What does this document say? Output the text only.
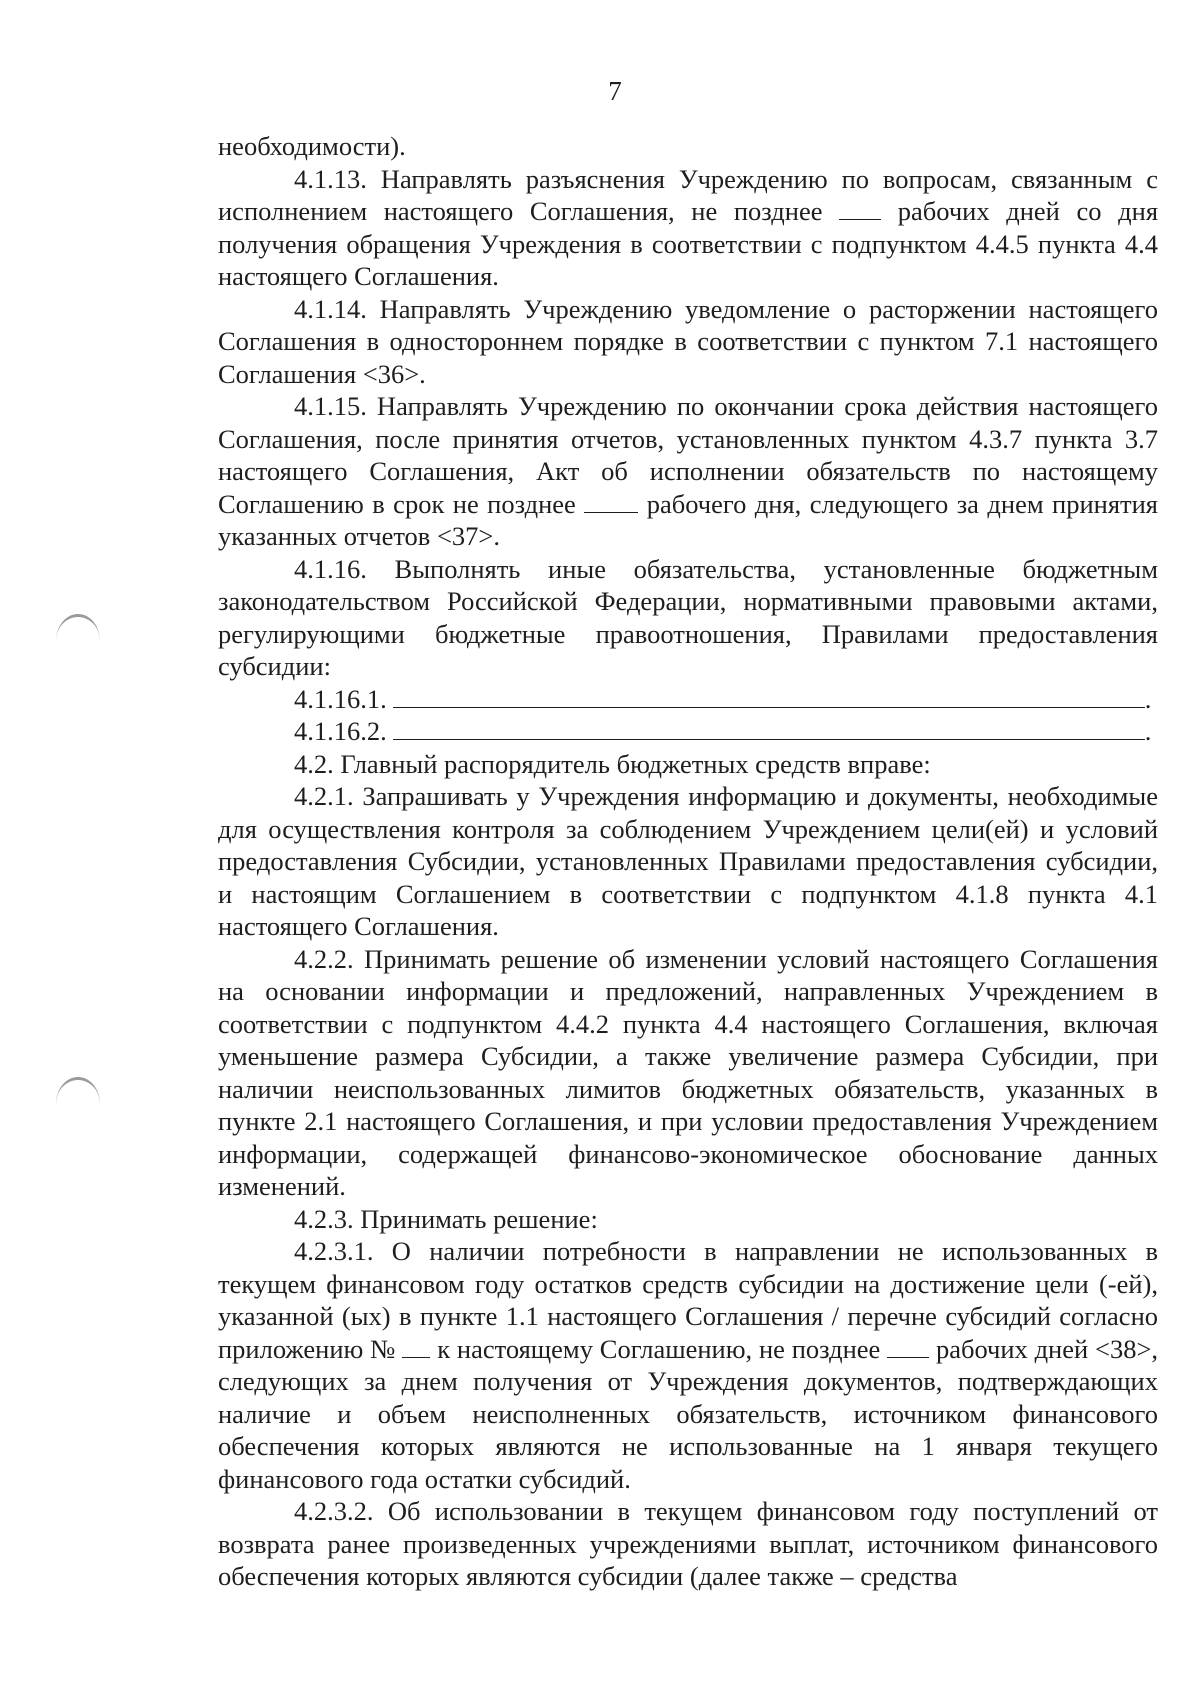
7

необходимости).

4.1.13. Направлять разъяснения Учреждению по вопросам, связанным с исполнением настоящего Соглашения, не позднее  рабочих дней со дня получения обращения Учреждения в соответствии с подпунктом 4.4.5 пункта 4.4 настоящего Соглашения.

4.1.14. Направлять Учреждению уведомление о расторжении настоящего Соглашения в одностороннем порядке в соответствии с пунктом 7.1 настоящего Соглашения <36>.

4.1.15. Направлять Учреждению по окончании срока действия настоящего Соглашения, после принятия отчетов, установленных пунктом 4.3.7 пункта 3.7 настоящего Соглашения, Акт об исполнении обязательств по настоящему Соглашению в срок не позднее  рабочего дня, следующего за днем принятия указанных отчетов <37>.

4.1.16. Выполнять иные обязательства, установленные бюджетным законодательством Российской Федерации, нормативными правовыми актами, регулирующими бюджетные правоотношения, Правилами предоставления субсидии:

4.1.16.1.	.

4.1.16.2.	.

4.2. Главный распорядитель бюджетных средств вправе:

4.2.1. Запрашивать у Учреждения информацию и документы, необходимые для осуществления контроля за соблюдением Учреждением цели(ей) и условий предоставления Субсидии, установленных Правилами предоставления субсидии, и настоящим Соглашением в соответствии с подпунктом 4.1.8 пункта 4.1 настоящего Соглашения.

4.2.2. Принимать решение об изменении условий настоящего Соглашения на основании информации и предложений, направленных Учреждением в соответствии с подпунктом 4.4.2 пункта 4.4 настоящего Соглашения, включая уменьшение размера Субсидии, а также увеличение размера Субсидии, при наличии неиспользованных лимитов бюджетных обязательств, указанных в пункте 2.1 настоящего Соглашения, и при условии предоставления Учреждением информации, содержащей финансово-экономическое обоснование данных изменений.

4.2.3. Принимать решение:

4.2.3.1. О наличии потребности в направлении не использованных в текущем финансовом году остатков средств субсидии на достижение цели (-ей), указанной (ых) в пункте 1.1 настоящего Соглашения / перечне субсидий согласно приложению №  к настоящему Соглашению, не позднее  рабочих дней <38>, следующих за днем получения от Учреждения документов, подтверждающих наличие и объем неисполненных обязательств, источником финансового обеспечения которых являются не использованные на 1 января текущего финансового года остатки субсидий.

4.2.3.2. Об использовании в текущем финансовом году поступлений от возврата ранее произведенных учреждениями выплат, источником финансового обеспечения которых являются субсидии (далее также – средства
